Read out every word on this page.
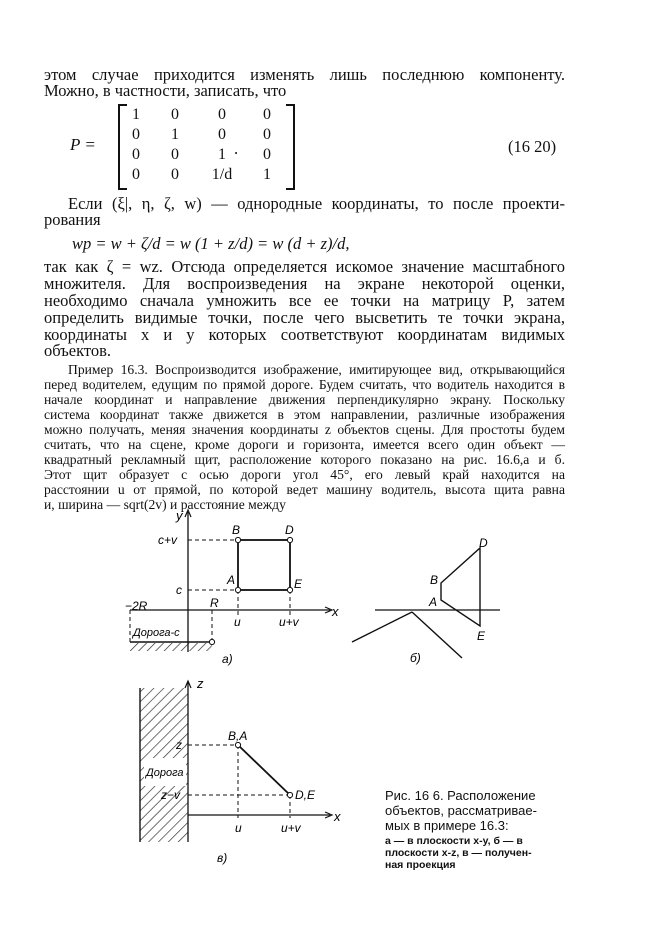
этом случае приходится изменять лишь последнюю компоненту.
Можно, в частности, записать, что
P =
1	0	0	0
0	1	0	0
0	0	1	0
0	0	1/d	1
.	(16 20)
Если (ξ|, η, ζ, w) — однородные координаты, то после проекти-
рования
wp = w + ζ/d = w (1 + z/d) = w (d + z)/d,
так как ζ = wz. Отсюда определяется искомое значение масштабного
множителя. Для воспроизведения на экране некоторой оценки,
необходимо сначала умножить все ее точки на матрицу P, затем
определить видимые точки, после чего высветить те точки экрана,
координаты x и y которых соответствуют координатам видимых
объектов.
Пример 16.3. Воспроизводится изображение, имитирующее вид, открывающийся
перед водителем, едущим по прямой дороге. Будем считать, что водитель находится в
начале координат и направление движения перпендикулярно экрану. Поскольку
система координат также движется в этом направлении, различные изображения
можно получать, меняя значения координаты z объектов сцены. Для простоты будем
считать, что на сцене, кроме дороги и горизонта, имеется всего один объект —
квадратный рекламный щит, расположение которого показано на рис. 16.6,a и б.
Этот щит образует с осью дороги угол 45°, его левый край находится на
расстоянии u от прямой, по которой ведет машину водитель, высота щита равна
и, ширина — sqrt(2v) и расстояние между
y
x
c+v
c
−2R	R
Дорога-c
u	u+v
B	D
A	E
а)
D
B
A
E
б)
Дорога
z
x
z
z−v
B,A
D,E
u	u+v
в)
Рис. 16 6. Расположение
объектов, рассматривае-
мых в примере 16.3:
а — в плоскости x-y, б — в
плоскости x-z, в — получен-
ная проекция
